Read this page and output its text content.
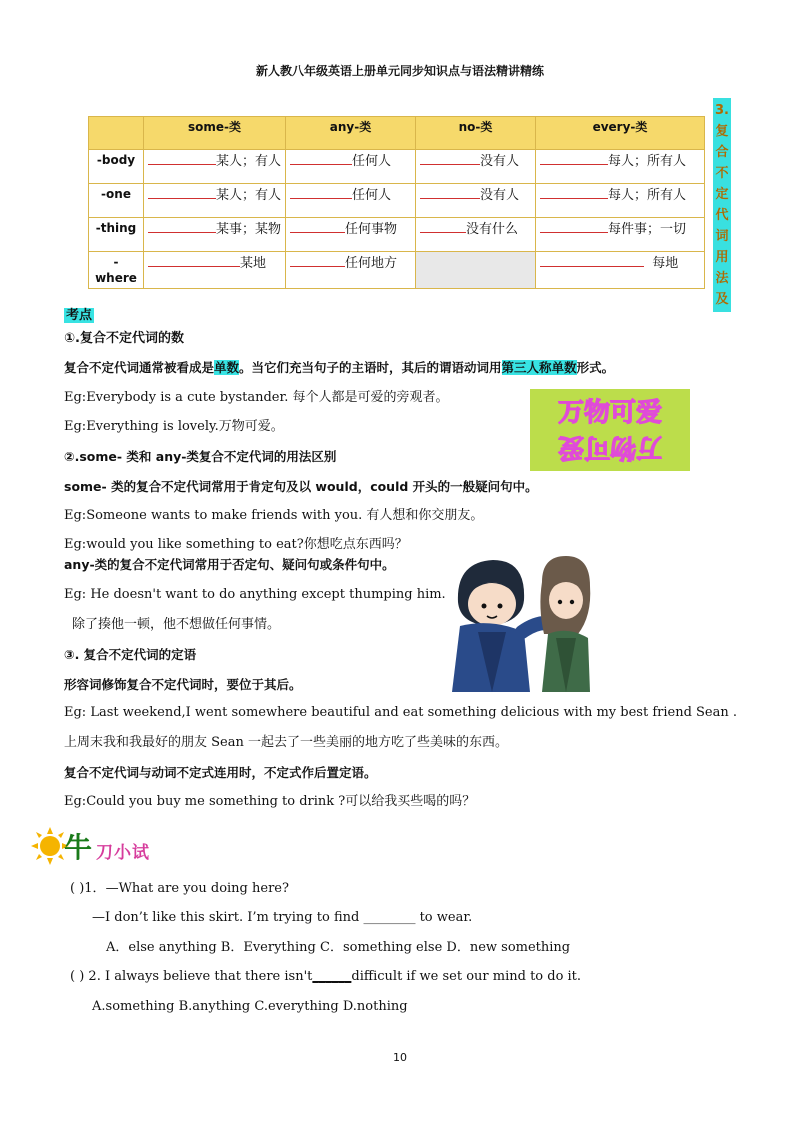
新人教八年级英语上册单元同步知识点与语法精讲精练
3.
复
合
不
定
代
词
用
法
及
	some-类	any-类	no-类	every-类
-body	某人；有人	任何人	没有人	每人；所有人
-one	某人；有人	任何人	没有人	每人；所有人
-thing	某事；某物	任何事物	没有什么	每件事；一切
-where	某地	任何地方		每地
考点
①.复合不定代词的数
复合不定代词通常被看成是单数。当它们充当句子的主语时，其后的谓语动词用第三人称单数形式。
Eg:Everybody is a cute bystander. 每个人都是可爱的旁观者。
Eg:Everything is lovely.万物可爱。	万物可爱
万物可爱
②.some- 类和 any-类复合不定代词的用法区别
some- 类的复合不定代词常用于肯定句及以 would，could 开头的一般疑问句中。
Eg:Someone wants to make friends with you. 有人想和你交朋友。
Eg:would you like something to eat?你想吃点东西吗？
any-类的复合不定代词常用于否定句、疑问句或条件句中。
Eg: He doesn't want to do anything except thumping him.
除了揍他一顿，他不想做任何事情。
③. 复合不定代词的定语
形容词修饰复合不定代词时，要位于其后。
Eg: Last weekend,I went somewhere beautiful and eat something delicious with my best friend Sean .
上周末我和我最好的朋友 Sean 一起去了一些美丽的地方吃了些美味的东西。
复合不定代词与动词不定式连用时，不定式作后置定语。
Eg:Could you buy me something to drink ?可以给我买些喝的吗？
牛 刀小试
( )1．—What are you doing here?
—I don’t like this skirt. I’m trying to find ________ to wear.
A．else anything B．Everything C．something else D．new something
( ) 2. I always believe that there isn't______difficult if we set our mind to do it.
A.something B.anything C.everything D.nothing
10
